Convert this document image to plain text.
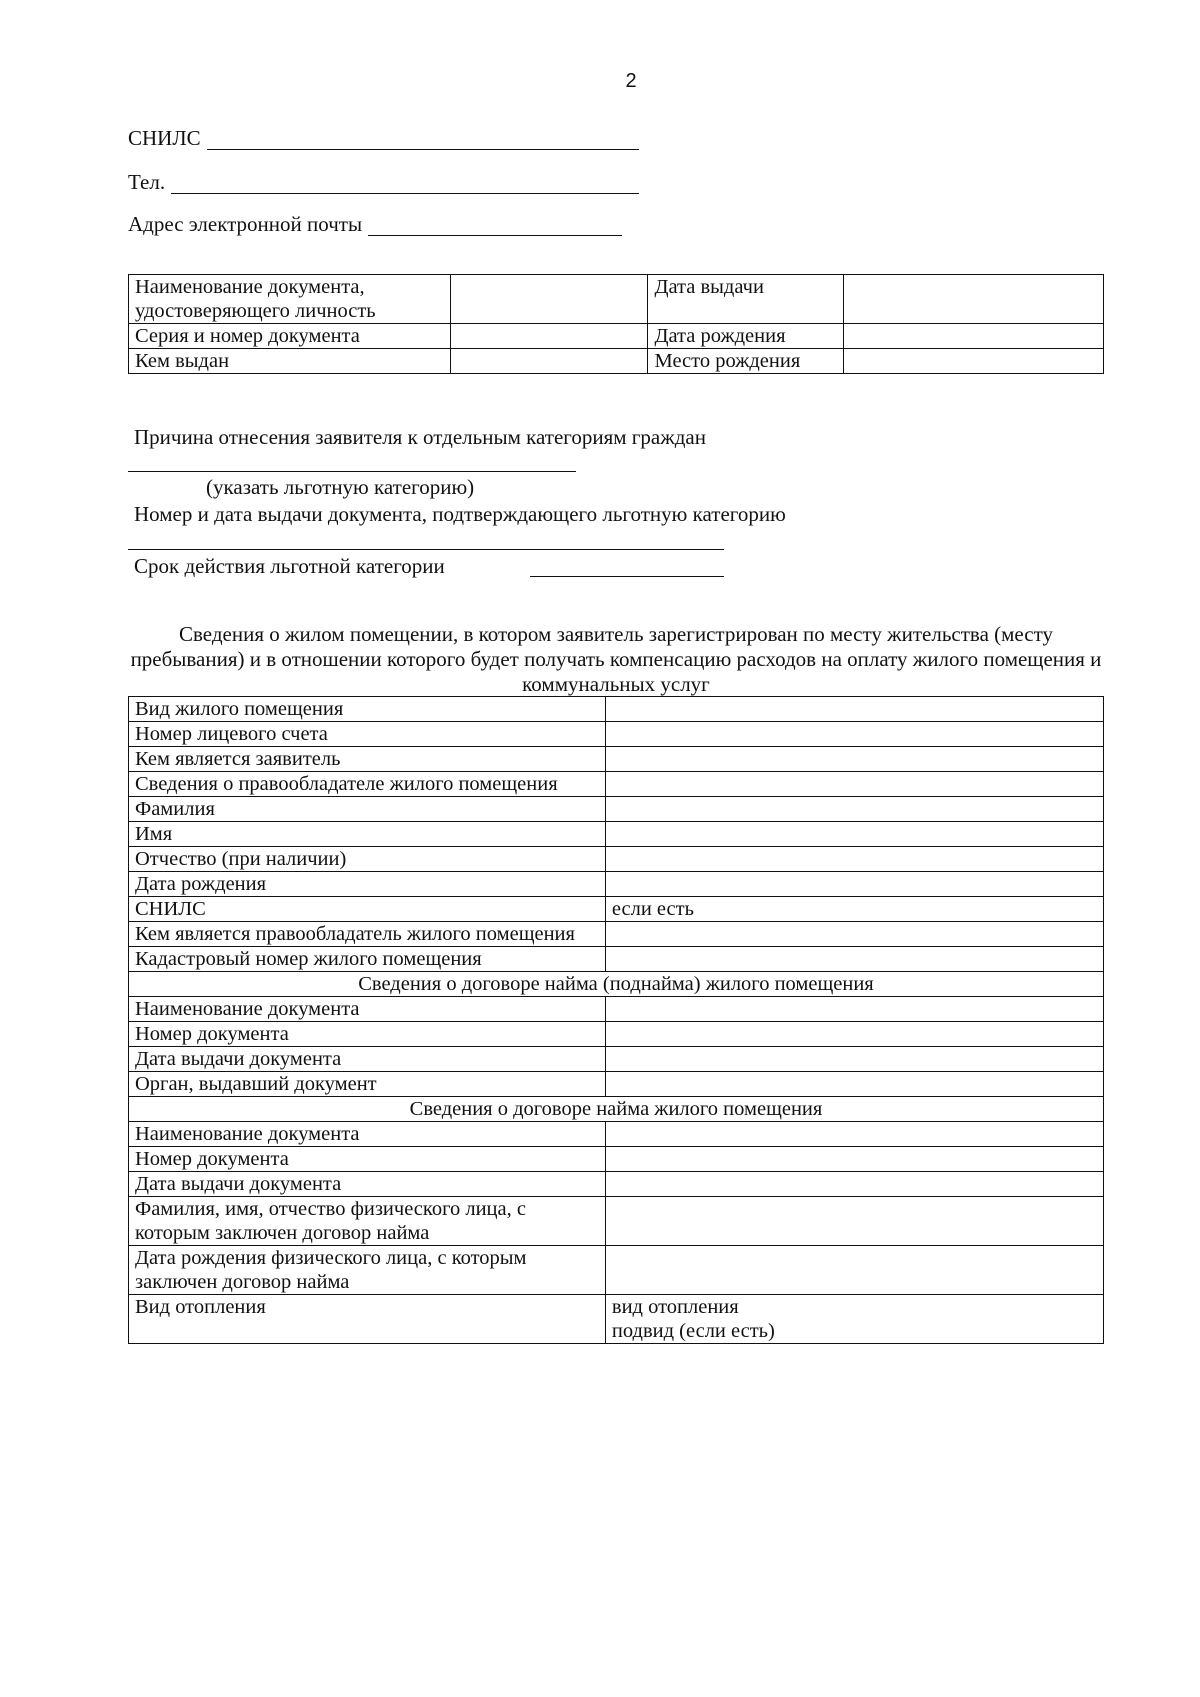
2
СНИЛС
Тел.
Адрес электронной почты
Наименование документа, удостоверяющего личность		Дата выдачи	
Серия и номер документа		Дата рождения	
Кем выдан		Место рождения	
Причина отнесения заявителя к отдельным категориям граждан
(указать льготную категорию)
Номер и дата выдачи документа, подтверждающего льготную категорию
Срок действия льготной категории
Сведения о жилом помещении, в котором заявитель зарегистрирован по месту жительства (месту пребывания) и в отношении которого будет получать компенсацию расходов на оплату жилого помещения и коммунальных услуг
Вид жилого помещения	
Номер лицевого счета	
Кем является заявитель	
Сведения о правообладателе жилого помещения	
Фамилия	
Имя	
Отчество (при наличии)	
Дата рождения	
СНИЛС	если есть
Кем является правообладатель жилого помещения	
Кадастровый номер жилого помещения	
Сведения о договоре найма (поднайма) жилого помещения	
Наименование документа	
Номер документа	
Дата выдачи документа	
Орган, выдавший документ	
Сведения о договоре найма жилого помещения	
Наименование документа	
Номер документа	
Дата выдачи документа	
Фамилия, имя, отчество физического лица, с которым заключен договор найма	
Дата рождения физического лица, с которым заключен договор найма	
Вид отопления	вид отопления
подвид (если есть)
